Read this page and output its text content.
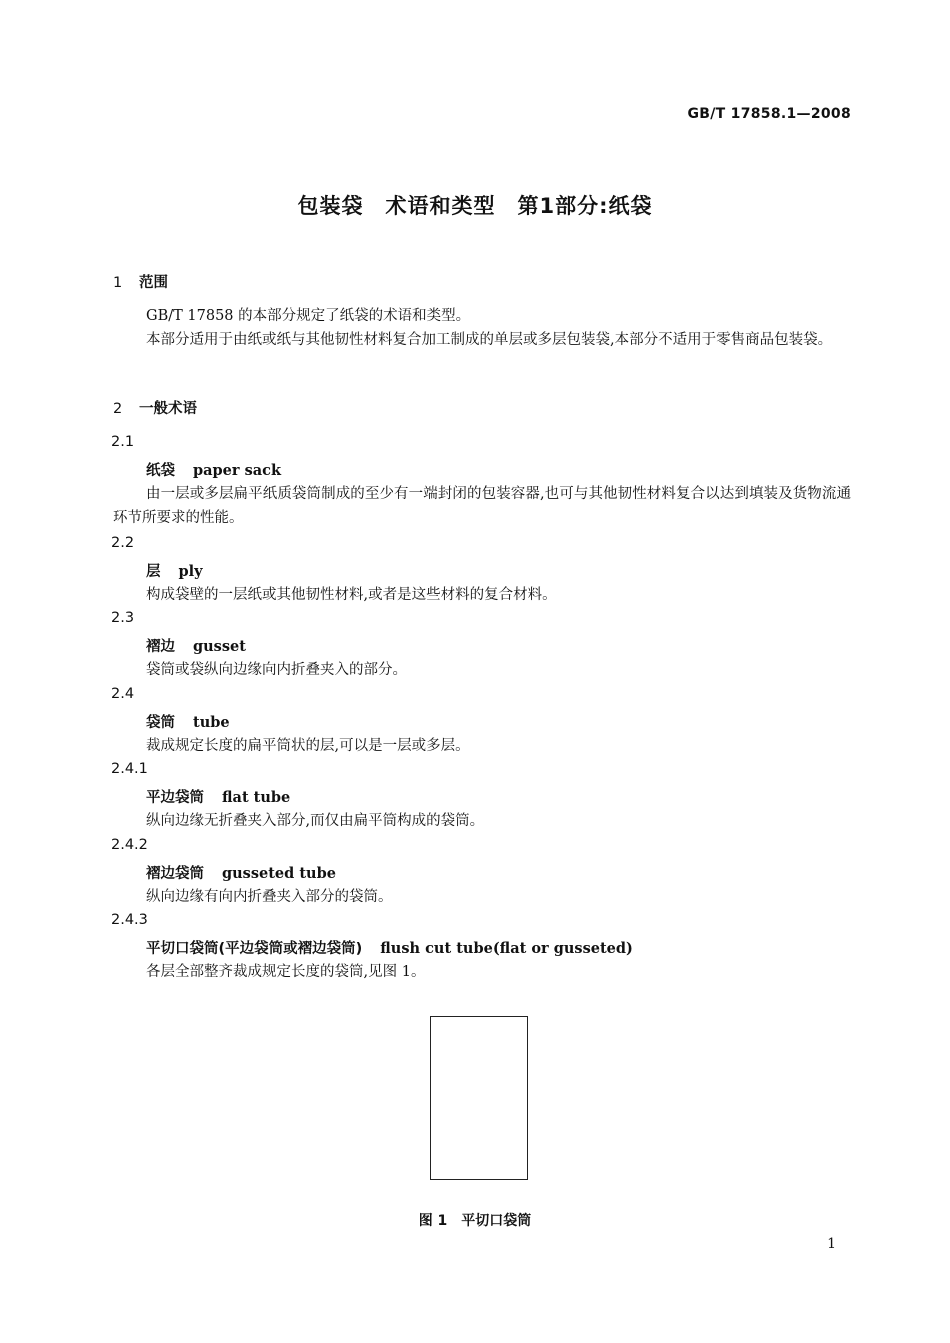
GB/T 17858.1—2008
包装袋　术语和类型　第1部分:纸袋
1 范围

GB/T 17858 的本部分规定了纸袋的术语和类型。

本部分适用于由纸或纸与其他韧性材料复合加工制成的单层或多层包装袋,本部分不适用于零售商品包装袋。

2 一般术语
2.1
纸袋 paper sack

由一层或多层扁平纸质袋筒制成的至少有一端封闭的包装容器,也可与其他韧性材料复合以达到填装及货物流通环节所要求的性能。

2.2
层 ply

构成袋壁的一层纸或其他韧性材料,或者是这些材料的复合材料。

2.3
褶边 gusset

袋筒或袋纵向边缘向内折叠夹入的部分。

2.4
袋筒 tube

裁成规定长度的扁平筒状的层,可以是一层或多层。

2.4.1
平边袋筒 flat tube

纵向边缘无折叠夹入部分,而仅由扁平筒构成的袋筒。

2.4.2
褶边袋筒 gusseted tube

纵向边缘有向内折叠夹入部分的袋筒。

2.4.3
平切口袋筒(平边袋筒或褶边袋筒) flush cut tube(flat or gusseted)

各层全部整齐裁成规定长度的袋筒,见图 1。

图 1　平切口袋筒
1
